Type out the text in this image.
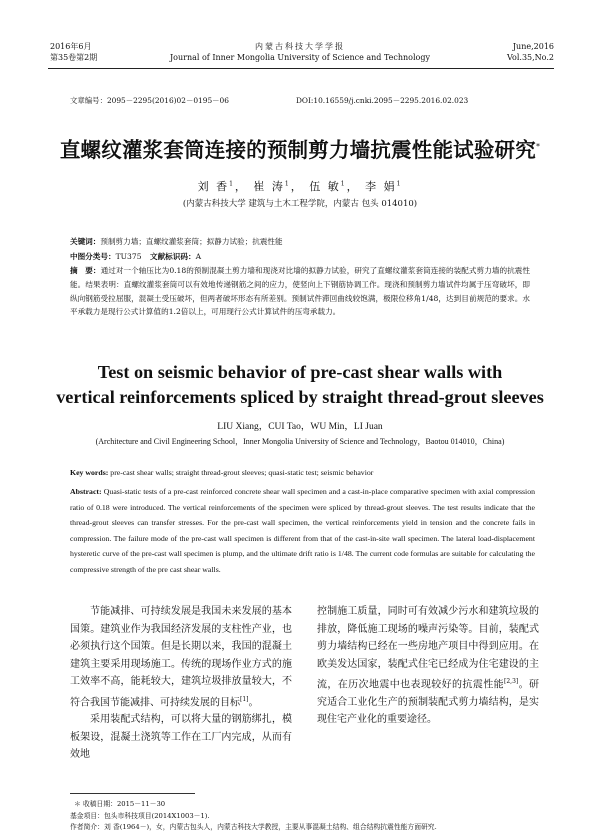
2016年6月
第35卷第2期
内蒙古科技大学学报
Journal of Inner Mongolia University of Science and Technology
June,2016
Vol.35,No.2
文章编号：2095－2295(2016)02－0195－06	DOI:10.16559/j.cnki.2095－2295.2016.02.023
直螺纹灌浆套筒连接的预制剪力墙抗震性能试验研究*
刘 香$^1$， 崔 涛$^1$， 伍 敏$^1$， 李 娟$^1$
(内蒙古科技大学 建筑与土木工程学院，内蒙古 包头 014010)
关键词：预制剪力墙；直螺纹灌浆套筒；拟静力试验；抗震性能
中图分类号：TU375 文献标识码：A
摘　要：通过对一个轴压比为0.18的预制混凝土剪力墙和现浇对比墙的拟静力试验，研究了直螺纹灌浆套筒连接的装配式剪力墙的抗震性能。结果表明：直螺纹灌浆套筒可以有效地传递钢筋之间的应力，使竖向上下钢筋协调工作。现浇和预制剪力墙试件均属于压弯破坏，即纵向钢筋受拉屈服，混凝土受压破坏，但两者破坏形态有所差别。预制试件滞回曲线较饱满，极限位移角1/48，达到目前规范的要求。水平承载力是现行公式计算值的1.2倍以上，可用现行公式计算试件的压弯承载力。
Test on seismic behavior of pre-cast shear walls with
vertical reinforcements spliced by straight thread-grout sleeves
LIU Xiang，CUI Tao，WU Min，LI Juan
(Architecture and Civil Engineering School，Inner Mongolia University of Science and Technology，Baotou 014010，China)
Key words: pre-cast shear walls; straight thread-grout sleeves; quasi-static test; seismic behavior
Abstract: Quasi-static tests of a pre-cast reinforced concrete shear wall specimen and a cast-in-place comparative specimen with axial compression ratio of 0.18 were introduced. The vertical reinforcements of the specimen were spliced by thread-grout sleeves. The test results indicate that the thread-grout sleeves can transfer stresses. For the pre-cast wall specimen, the vertical reinforcements yield in tension and the concrete fails in compression. The failure mode of the pre-cast wall specimen is different from that of the cast-in-site wall specimen. The lateral load-displacement hysteretic curve of the pre-cast wall specimen is plump, and the ultimate drift ratio is 1/48. The current code formulas are suitable for calculating the compressive strength of the pre cast shear walls.

节能减排、可持续发展是我国未来发展的基本国策。建筑业作为我国经济发展的支柱性产业，也必须执行这个国策。但是长期以来，我国的混凝土建筑主要采用现场施工。传统的现场作业方式的施工效率不高，能耗较大，建筑垃圾排放量较大，不符合我国节能减排、可持续发展的目标[1]。

采用装配式结构，可以将大量的钢筋绑扎，模板架设，混凝土浇筑等工作在工厂内完成，从而有效地

控制施工质量，同时可有效减少污水和建筑垃圾的排放，降低施工现场的噪声污染等。目前，装配式剪力墙结构已经在一些房地产项目中得到应用。在欧美发达国家，装配式住宅已经成为住宅建设的主流，在历次地震中也表现较好的抗震性能[2,3]。研究适合工业化生产的预制装配式剪力墙结构，是实现住宅产业化的重要途径。

＊ 收稿日期：2015－11－30
基金项目：包头市科技项目(2014X1003－1).
作者简介：刘 香(1964－)，女，内蒙古包头人，内蒙古科技大学教授，主要从事混凝土结构、组合结构抗震性能方面研究.
